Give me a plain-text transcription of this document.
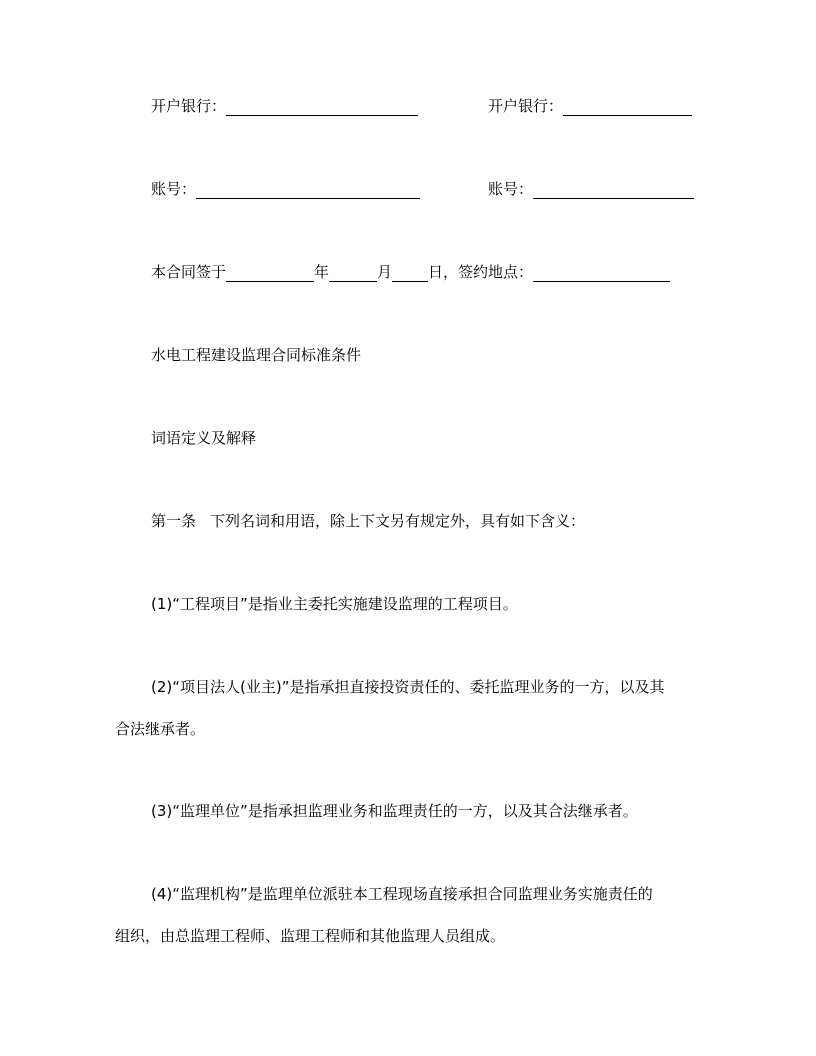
开户银行：	开户银行：
账号：	账号：
本合同签于	年	月 日，签约地点：
水电工程建设监理合同标准条件
词语定义及解释
第一条 下列名词和用语，除上下文另有规定外，具有如下含义：
(1)“工程项目”是指业主委托实施建设监理的工程项目。
(2)“项目法人(业主)”是指承担直接投资责任的、委托监理业务的一方，以及其
合法继承者。
(3)“监理单位”是指承担监理业务和监理责任的一方，以及其合法继承者。
(4)“监理机构”是监理单位派驻本工程现场直接承担合同监理业务实施责任的
组织，由总监理工程师、监理工程师和其他监理人员组成。
